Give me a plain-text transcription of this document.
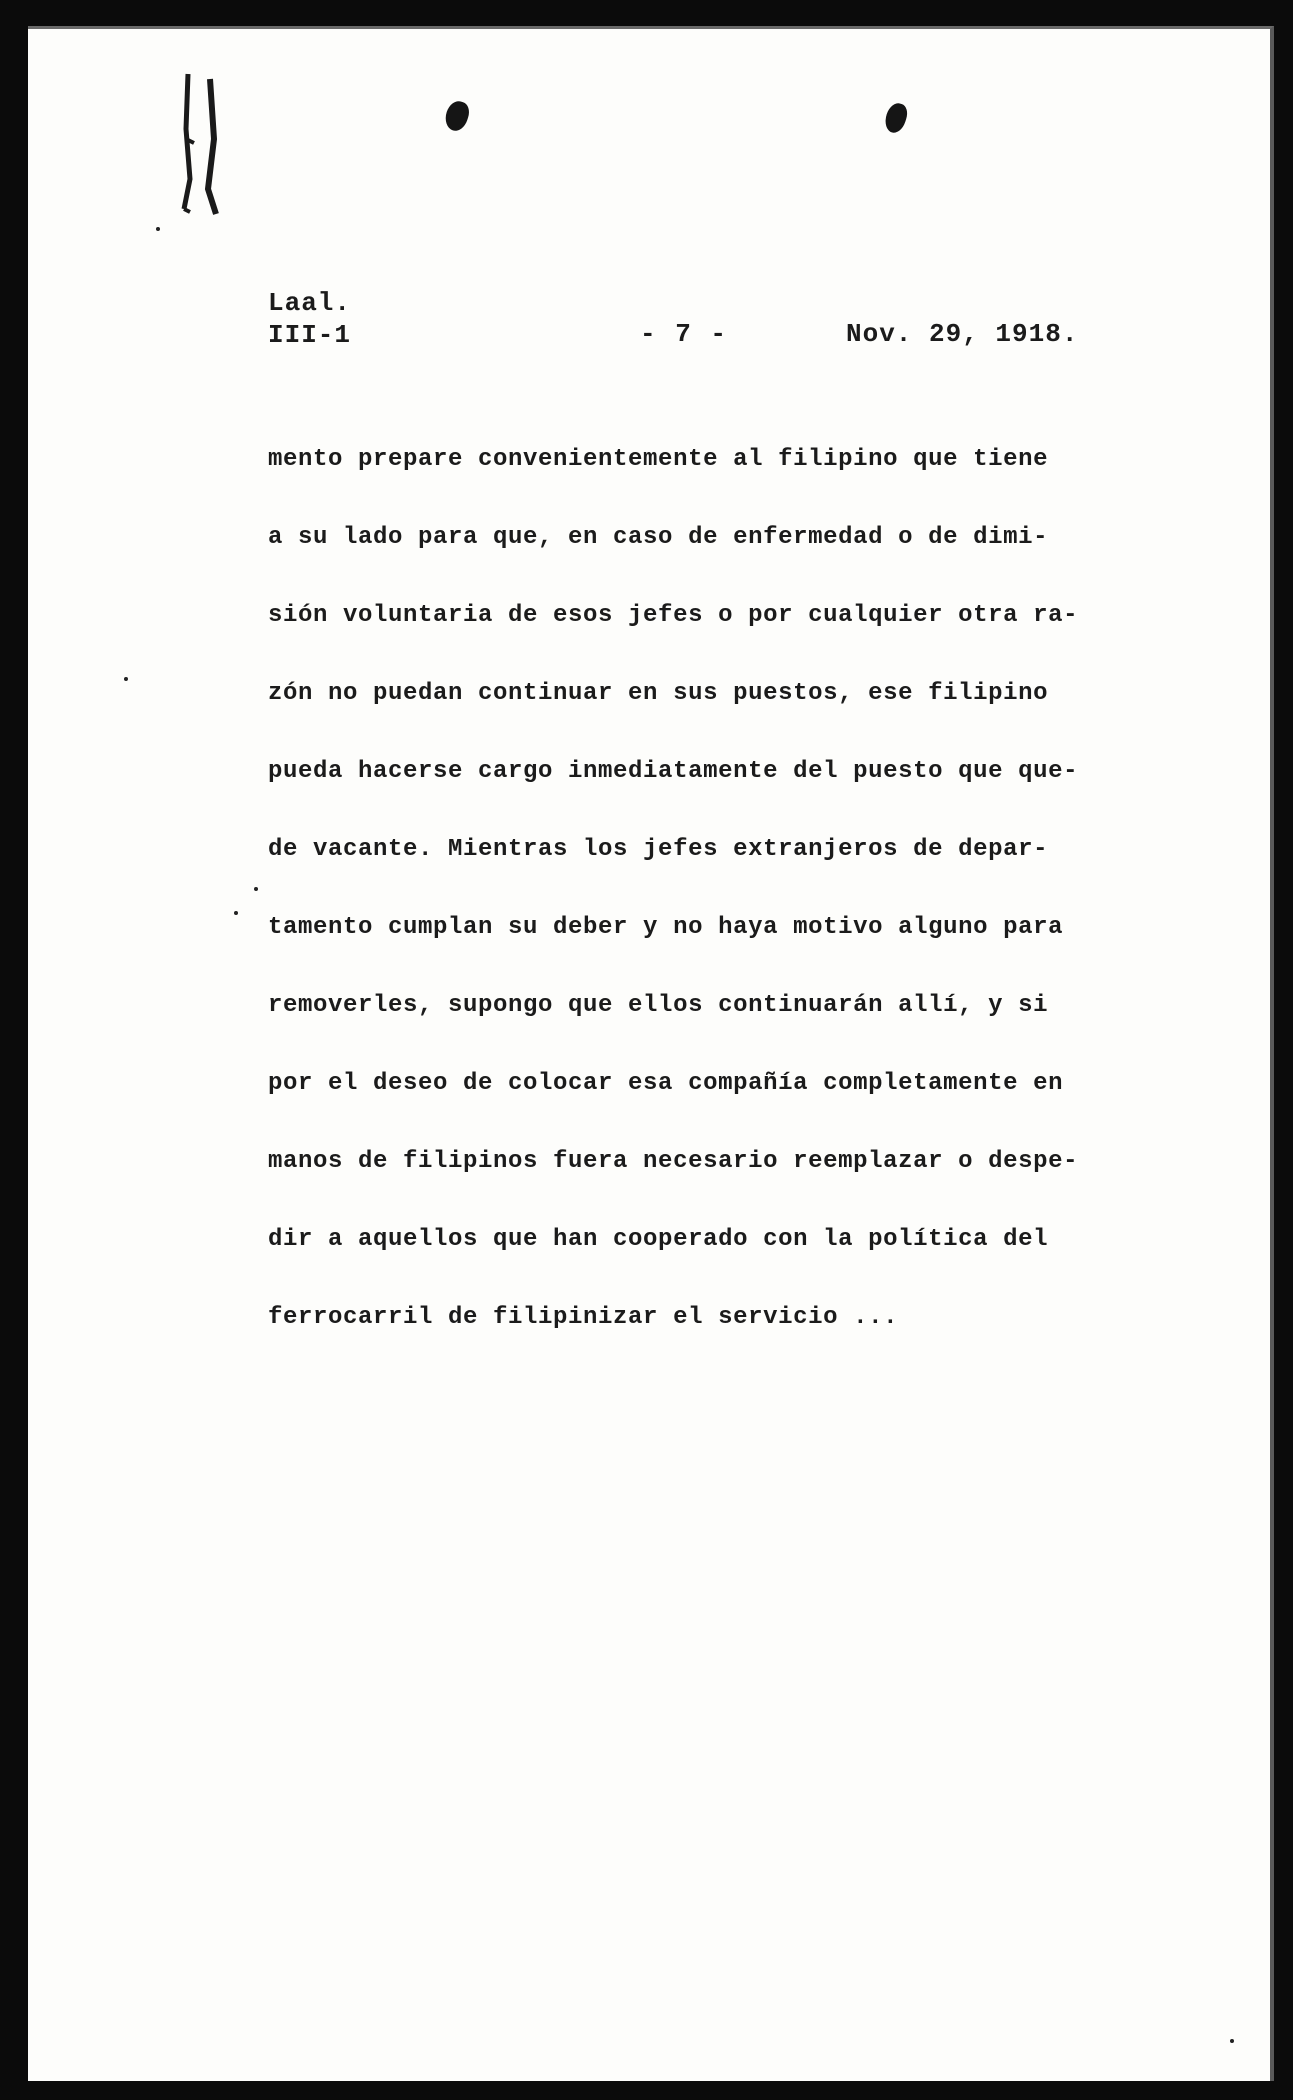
Laal.
III-1	- 7 -	Nov. 29, 1918.

mento prepare convenientemente al filipino que tiene
a su lado para que, en caso de enfermedad o de dimi-
sión voluntaria de esos jefes o por cualquier otra ra-
zón no puedan continuar en sus puestos, ese filipino
pueda hacerse cargo inmediatamente del puesto que que-
de vacante. Mientras los jefes extranjeros de depar-
tamento cumplan su deber y no haya motivo alguno para
removerles, supongo que ellos continuarán allí, y si
por el deseo de colocar esa compañía completamente en
manos de filipinos fuera necesario reemplazar o despe-
dir a aquellos que han cooperado con la política del
ferrocarril de filipinizar el servicio ...
